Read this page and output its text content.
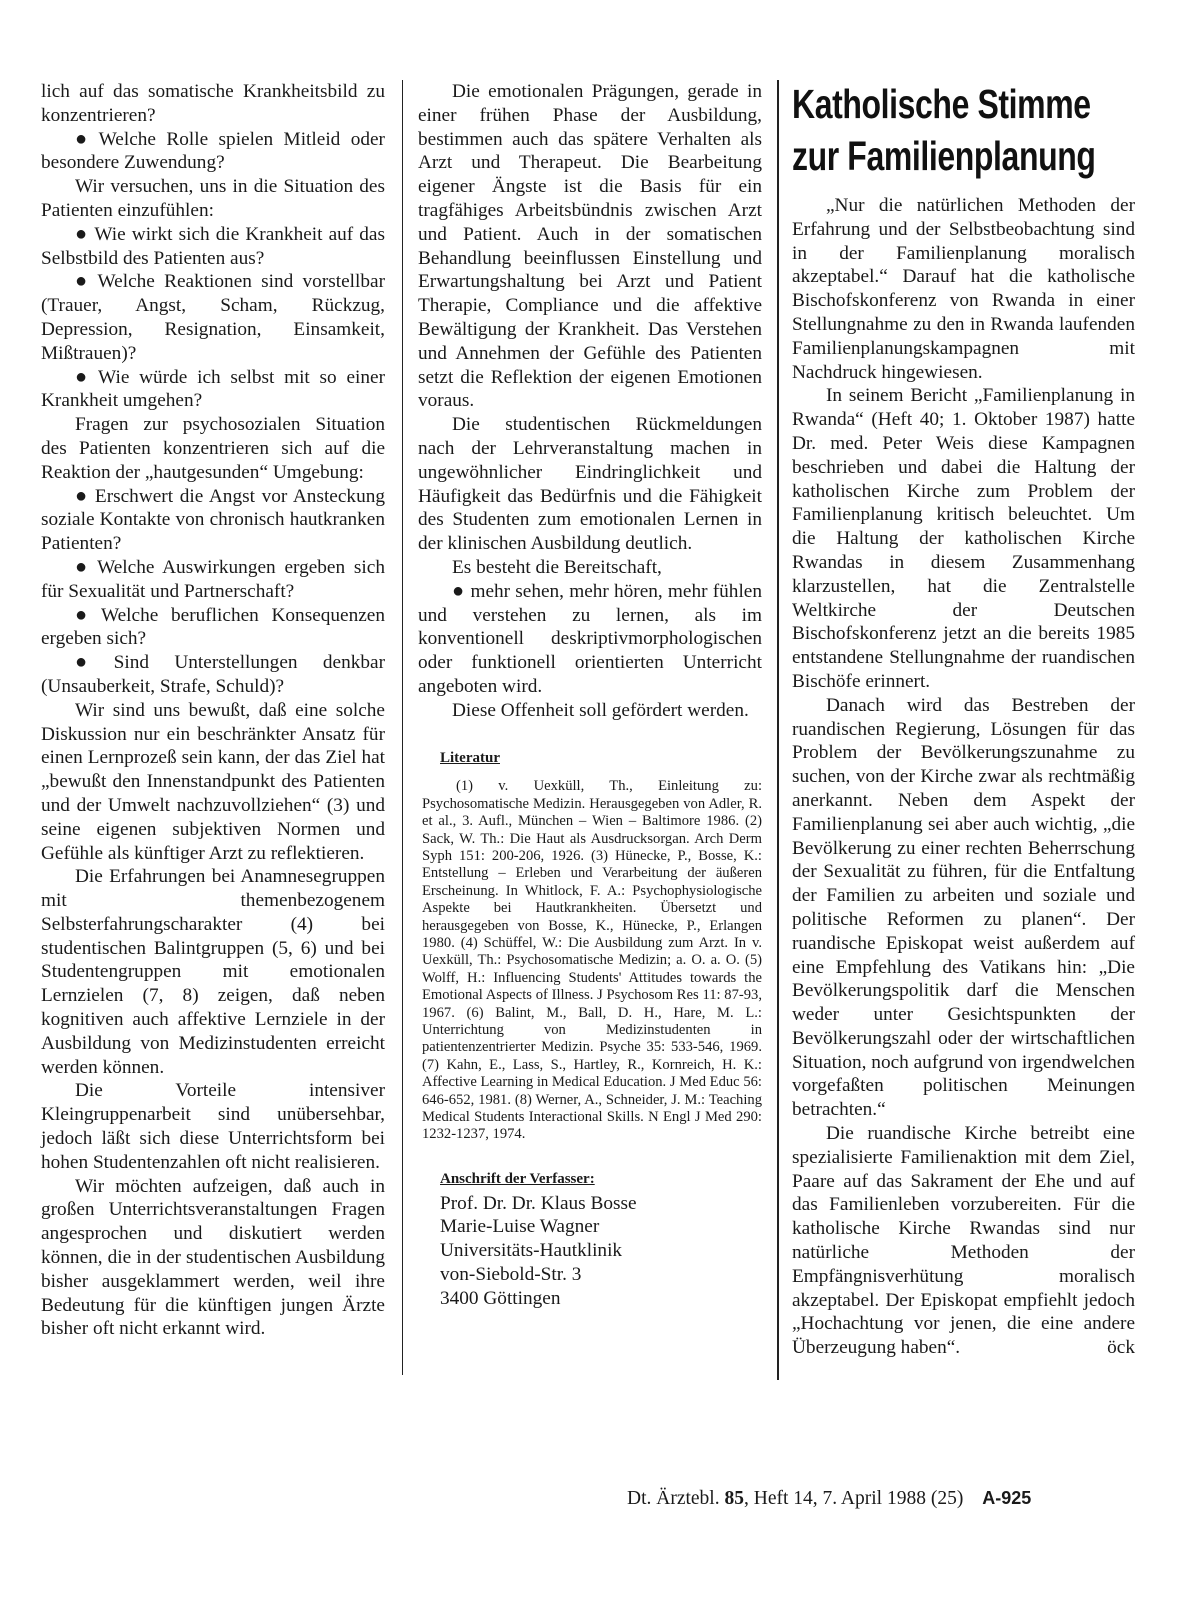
lich auf das somatische Krankheitsbild zu konzentrieren?

● Welche Rolle spielen Mitleid oder besondere Zuwendung?

Wir versuchen, uns in die Situation des Patienten einzufühlen:

● Wie wirkt sich die Krankheit auf das Selbstbild des Patienten aus?

● Welche Reaktionen sind vorstellbar (Trauer, Angst, Scham, Rückzug, Depression, Resignation, Einsamkeit, Mißtrauen)?

● Wie würde ich selbst mit so einer Krankheit umgehen?

Fragen zur psychosozialen Situation des Patienten konzentrieren sich auf die Reaktion der „hautgesunden“ Umgebung:

● Erschwert die Angst vor Ansteckung soziale Kontakte von chronisch hautkranken Patienten?

● Welche Auswirkungen ergeben sich für Sexualität und Partnerschaft?

● Welche beruflichen Konsequenzen ergeben sich?

● Sind Unterstellungen denkbar (Unsauberkeit, Strafe, Schuld)?

Wir sind uns bewußt, daß eine solche Diskussion nur ein beschränkter Ansatz für einen Lernprozeß sein kann, der das Ziel hat „bewußt den Innenstandpunkt des Patienten und der Umwelt nachzuvollziehen“ (3) und seine eigenen subjektiven Normen und Gefühle als künftiger Arzt zu reflektieren.

Die Erfahrungen bei Anamnesegruppen mit themenbezogenem Selbsterfahrungscharakter (4) bei studentischen Balintgruppen (5, 6) und bei Studentengruppen mit emotionalen Lernzielen (7, 8) zeigen, daß neben kognitiven auch affektive Lernziele in der Ausbildung von Medizinstudenten erreicht werden können.

Die Vorteile intensiver Kleingruppenarbeit sind unübersehbar, jedoch läßt sich diese Unterrichtsform bei hohen Studentenzahlen oft nicht realisieren.

Wir möchten aufzeigen, daß auch in großen Unterrichtsveranstaltungen Fragen angesprochen und diskutiert werden können, die in der studentischen Ausbildung bisher ausgeklammert werden, weil ihre Bedeutung für die künftigen jungen Ärzte bisher oft nicht erkannt wird.

Die emotionalen Prägungen, gerade in einer frühen Phase der Ausbildung, bestimmen auch das spätere Verhalten als Arzt und Therapeut. Die Bearbeitung eigener Ängste ist die Basis für ein tragfähiges Arbeitsbündnis zwischen Arzt und Patient. Auch in der somatischen Behandlung beeinflussen Einstellung und Erwartungshaltung bei Arzt und Patient Therapie, Compliance und die affektive Bewältigung der Krankheit. Das Verstehen und Annehmen der Gefühle des Patienten setzt die Reflektion der eigenen Emotionen voraus.

Die studentischen Rückmeldungen nach der Lehrveranstaltung machen in ungewöhnlicher Eindringlichkeit und Häufigkeit das Bedürfnis und die Fähigkeit des Studenten zum emotionalen Lernen in der klinischen Ausbildung deutlich.

Es besteht die Bereitschaft,

● mehr sehen, mehr hören, mehr fühlen und verstehen zu lernen, als im konventionell deskriptivmorphologischen oder funktionell orientierten Unterricht angeboten wird.

Diese Offenheit soll gefördert werden.

Literatur
(1) v. Uexküll, Th., Einleitung zu: Psychosomatische Medizin. Herausgegeben von Adler, R. et al., 3. Aufl., München – Wien – Baltimore 1986. (2) Sack, W. Th.: Die Haut als Ausdrucksorgan. Arch Derm Syph 151: 200-206, 1926. (3) Hünecke, P., Bosse, K.: Entstellung – Erleben und Verarbeitung der äußeren Erscheinung. In Whitlock, F. A.: Psychophysiologische Aspekte bei Hautkrankheiten. Übersetzt und herausgegeben von Bosse, K., Hünecke, P., Erlangen 1980. (4) Schüffel, W.: Die Ausbildung zum Arzt. In v. Uexküll, Th.: Psychosomatische Medizin; a. O. a. O. (5) Wolff, H.: Influencing Students' Attitudes towards the Emotional Aspects of Illness. J Psychosom Res 11: 87-93, 1967. (6) Balint, M., Ball, D. H., Hare, M. L.: Unterrichtung von Medizinstudenten in patientenzentrierter Medizin. Psyche 35: 533-546, 1969. (7) Kahn, E., Lass, S., Hartley, R., Kornreich, H. K.: Affective Learning in Medical Education. J Med Educ 56: 646-652, 1981. (8) Werner, A., Schneider, J. M.: Teaching Medical Students Interactional Skills. N Engl J Med 290: 1232-1237, 1974.
Anschrift der Verfasser:

Prof. Dr. Dr. Klaus Bosse

Marie-Luise Wagner

Universitäts-Hautklinik

von-Siebold-Str. 3

3400 Göttingen

Katholische Stimme
zur Familienplanung

„Nur die natürlichen Methoden der Erfahrung und der Selbstbeobachtung sind in der Familienplanung moralisch akzeptabel.“ Darauf hat die katholische Bischofskonferenz von Rwanda in einer Stellungnahme zu den in Rwanda laufenden Familienplanungskampagnen mit Nachdruck hingewiesen.

In seinem Bericht „Familienplanung in Rwanda“ (Heft 40; 1. Oktober 1987) hatte Dr. med. Peter Weis diese Kampagnen beschrieben und dabei die Haltung der katholischen Kirche zum Problem der Familienplanung kritisch beleuchtet. Um die Haltung der katholischen Kirche Rwandas in diesem Zusammenhang klarzustellen, hat die Zentralstelle Weltkirche der Deutschen Bischofskonferenz jetzt an die bereits 1985 entstandene Stellungnahme der ruandischen Bischöfe erinnert.

Danach wird das Bestreben der ruandischen Regierung, Lösungen für das Problem der Bevölkerungszunahme zu suchen, von der Kirche zwar als rechtmäßig anerkannt. Neben dem Aspekt der Familienplanung sei aber auch wichtig, „die Bevölkerung zu einer rechten Beherrschung der Sexualität zu führen, für die Entfaltung der Familien zu arbeiten und soziale und politische Reformen zu planen“. Der ruandische Episkopat weist außerdem auf eine Empfehlung des Vatikans hin: „Die Bevölkerungspolitik darf die Menschen weder unter Gesichtspunkten der Bevölkerungszahl oder der wirtschaftlichen Situation, noch aufgrund von irgendwelchen vorgefaßten politischen Meinungen betrachten.“

Die ruandische Kirche betreibt eine spezialisierte Familienaktion mit dem Ziel, Paare auf das Sakrament der Ehe und auf das Familienleben vorzubereiten. Für die katholische Kirche Rwandas sind nur natürliche Methoden der Empfängnisverhütung moralisch akzeptabel. Der Episkopat empfiehlt jedoch „Hochachtung vor jenen, die eine andere Überzeugung haben“.	öck

Dt. Ärztebl. 85, Heft 14, 7. April 1988 (25) A-925
